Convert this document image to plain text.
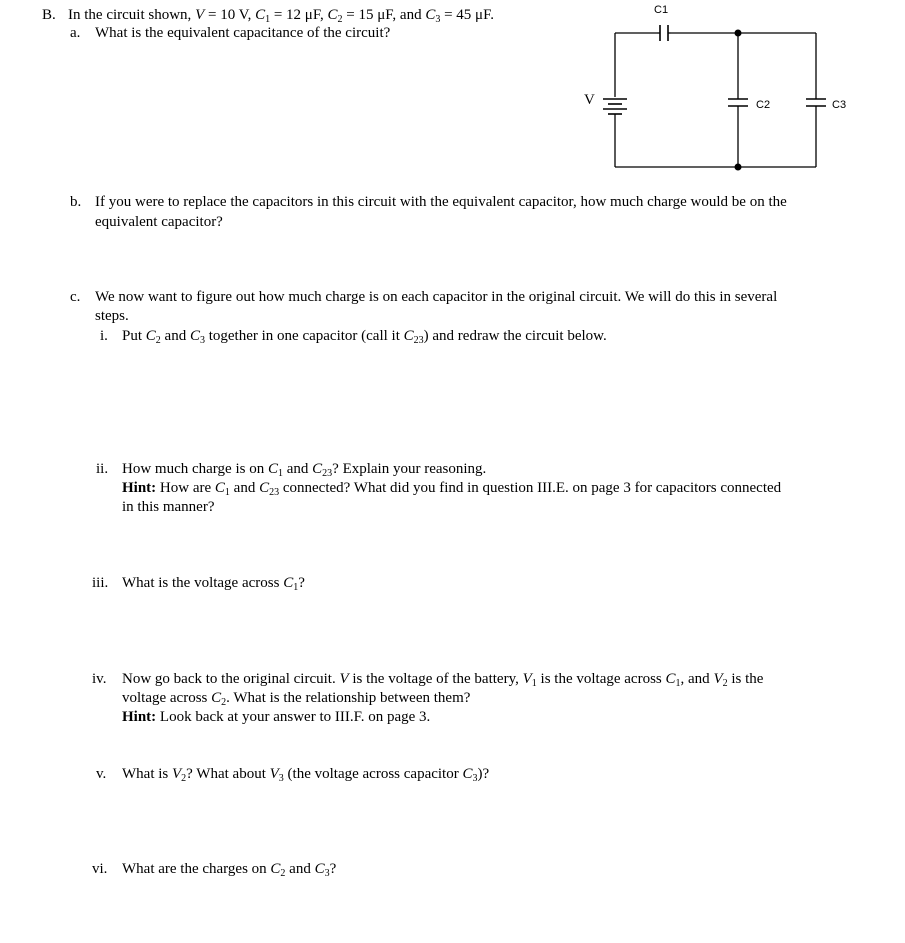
B. In the circuit shown, V = 10 V, $C_1 = 12$ μF, $C_2 = 15$ μF, and $C_3 = 45$ μF.
a. What is the equivalent capacitance of the circuit?
C1
C2	C3
V
b. If you were to replace the capacitors in this circuit with the equivalent capacitor, how much charge would be on the
equivalent capacitor?
c. We now want to figure out how much charge is on each capacitor in the original circuit. We will do this in several
steps.
i. Put $C_2$ and $C_3$ together in one capacitor (call it $C_{23}$) and redraw the circuit below.
ii. How much charge is on $C_1$ and $C_{23}$? Explain your reasoning.
Hint: How are $C_1$ and $C_{23}$ connected? What did you find in question III.E. on page 3 for capacitors connected
in this manner?
iii. What is the voltage across $C_1$?
iv. Now go back to the original circuit. V is the voltage of the battery, $V_1$ is the voltage across $C_1$, and $V_2$ is the
voltage across $C_2$. What is the relationship between them?
Hint: Look back at your answer to III.F. on page 3.
v. What is $V_2$? What about $V_3$ (the voltage across capacitor $C_3$)?
vi. What are the charges on $C_2$ and $C_3$?
